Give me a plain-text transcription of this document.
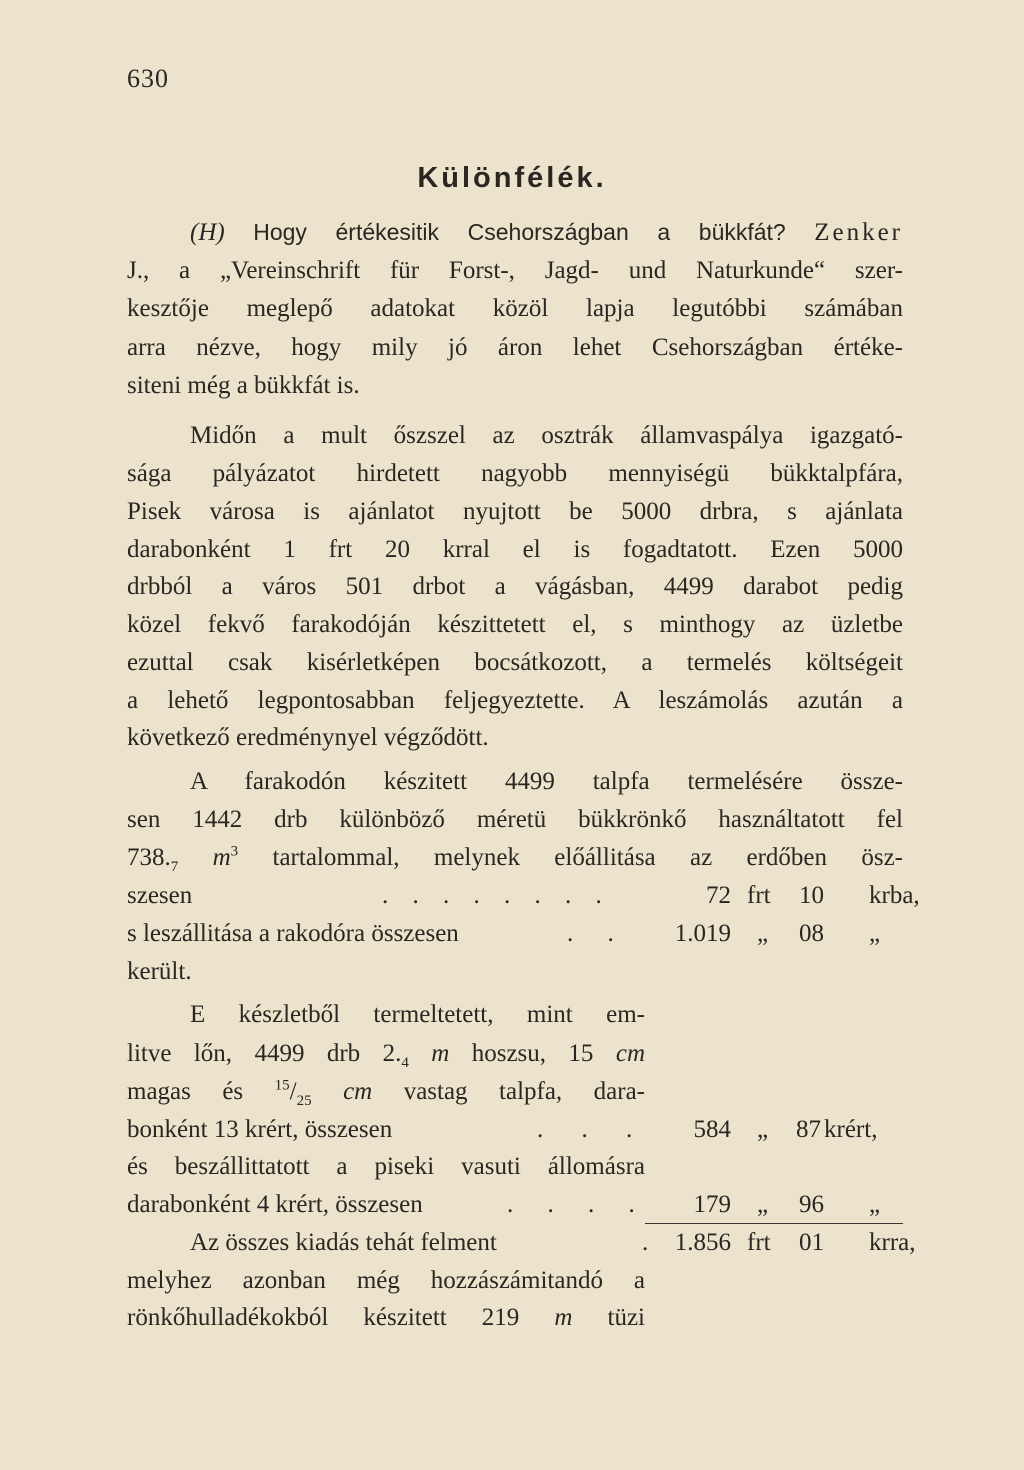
630
Különfélék.
(H) Hogy értékesitik Csehországban a bükkfát? Zenker
J., a „Vereinschrift für Forst-, Jagd- und Naturkunde“ szer-
kesztője meglepő adatokat közöl lapja legutóbbi számában
arra nézve, hogy mily jó áron lehet Csehországban értéke-
siteni még a bükkfát is.
Midőn a mult őszszel az osztrák államvaspálya igazgató-
sága pályázatot hirdetett nagyobb mennyiségü bükktalpfára,
Pisek városa is ajánlatot nyujtott be 5000 drbra, s ajánlata
darabonként 1 frt 20 krral el is fogadtatott. Ezen 5000
drbból a város 501 drbot a vágásban, 4499 darabot pedig
közel fekvő farakodóján készittetett el, s minthogy az üzletbe
ezuttal csak kisérletképen bocsátkozott, a termelés költségeit
a lehető legpontosabban feljegyeztette. A leszámolás azután a
következő eredménynyel végződött.
A farakodón készitett 4499 talpfa termelésére össze-
sen 1442 drb különböző méretü bükkrönkő használtatott fel
$738._7$ $m^3$ tartalommal, melynek előállitása az erdőben ösz-
szesen	. . . . . . . .	72 frt 10 krba,
s leszállitása a rakodóra összesen	. . 1.019 „ 08 „
került.
E készletből termeltetett, mint em-
litve lőn, 4499 drb $2._4$ m hoszsu, 15 cm
magas és $^{15}/_{25}$ cm vastag talpfa, dara-
bonként 13 krért, összesen	. . . 584 „ 87 krért,
és beszállittatott a piseki vasuti állomásra
darabonként 4 krért, összesen	. . . . 179 „ 96 „
Az összes kiadás tehát felment	. 1.856 frt 01 krra,
melyhez azonban még hozzászámitandó a
rönkőhulladékokból készitett 219 m tüzi
